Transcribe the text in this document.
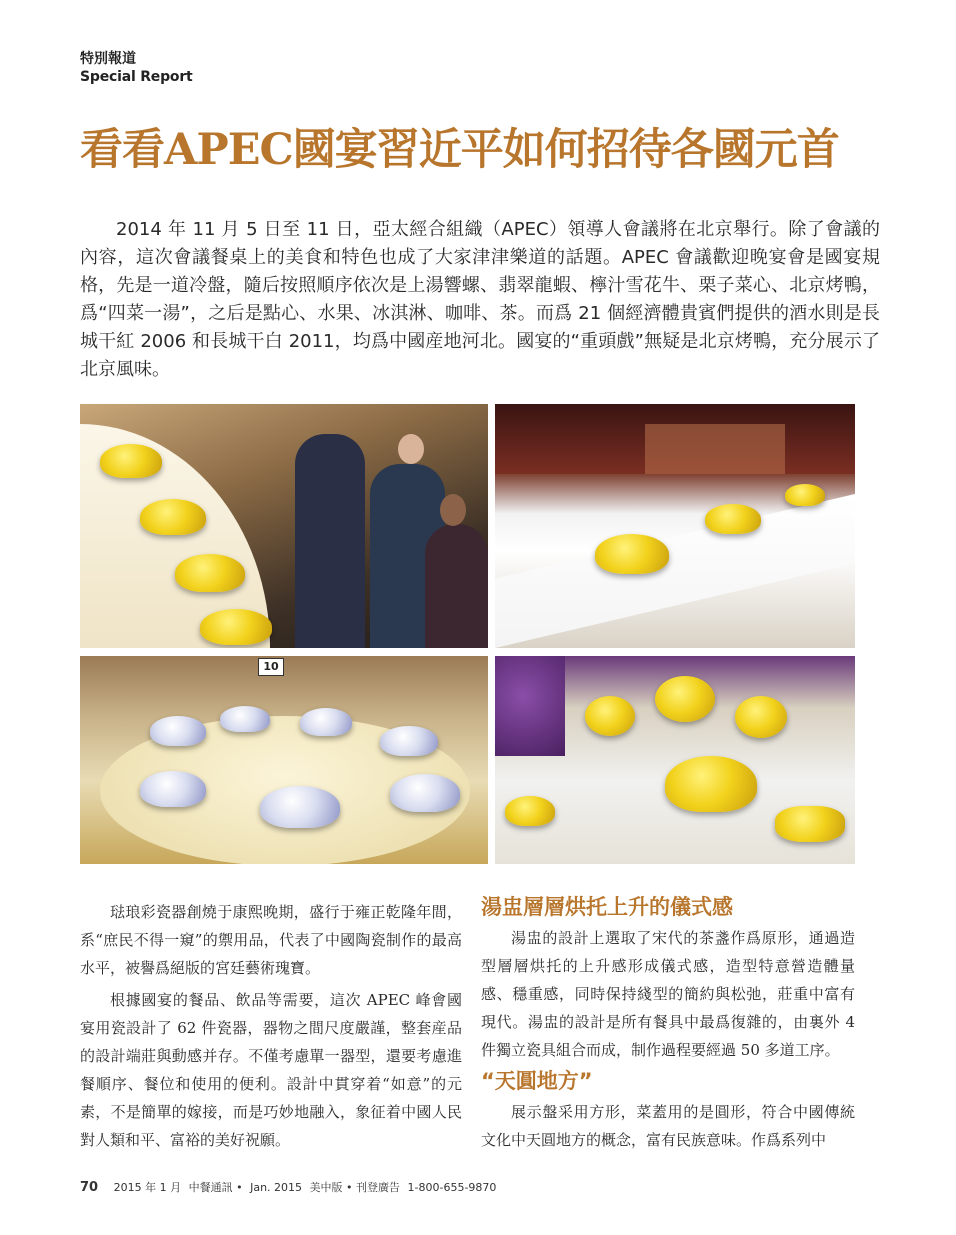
特別報道
Special Report
看看APEC國宴習近平如何招待各國元首
2014 年 11 月 5 日至 11 日，亞太經合組織（APEC）領導人會議將在北京舉行。除了會議的內容，這次會議餐桌上的美食和特色也成了大家津津樂道的話題。APEC 會議歡迎晚宴會是國宴規格，先是一道冷盤，隨后按照順序依次是上湯響螺、翡翠龍蝦、檸汁雪花牛、栗子菜心、北京烤鴨，爲“四菜一湯”，之后是點心、水果、冰淇淋、咖啡、茶。而爲 21 個經濟體貴賓們提供的酒水則是長城干紅 2006 和長城干白 2011，均爲中國産地河北。國宴的“重頭戲”無疑是北京烤鴨，充分展示了北京風味。
10

琺琅彩瓷器創燒于康熙晚期，盛行于雍正乾隆年間，系“庶民不得一窺”的禦用品，代表了中國陶瓷制作的最高水平，被譽爲絕版的宮廷藝術瑰寶。

根據國宴的餐品、飲品等需要，這次 APEC 峰會國宴用瓷設計了 62 件瓷器，器物之間尺度嚴謹，整套産品的設計端莊與動感并存。不僅考慮單一器型，還要考慮進餐順序、餐位和使用的便利。設計中貫穿着“如意”的元素，不是簡單的嫁接，而是巧妙地融入，象征着中國人民對人類和平、富裕的美好祝願。

湯盅層層烘托上升的儀式感

湯盅的設計上選取了宋代的茶盞作爲原形，通過造型層層烘托的上升感形成儀式感，造型特意營造體量感、穩重感，同時保持綫型的簡約與松弛，莊重中富有現代。湯盅的設計是所有餐具中最爲復雜的，由裏外 4 件獨立瓷具組合而成，制作過程要經過 50 多道工序。

“天圓地方”

展示盤采用方形，菜蓋用的是圓形，符合中國傳統文化中天圓地方的概念，富有民族意味。作爲系列中

70 2015 年 1 月 中餐通訊 • Jan. 2015 美中版 • 刊登廣告 1-800-655-9870
